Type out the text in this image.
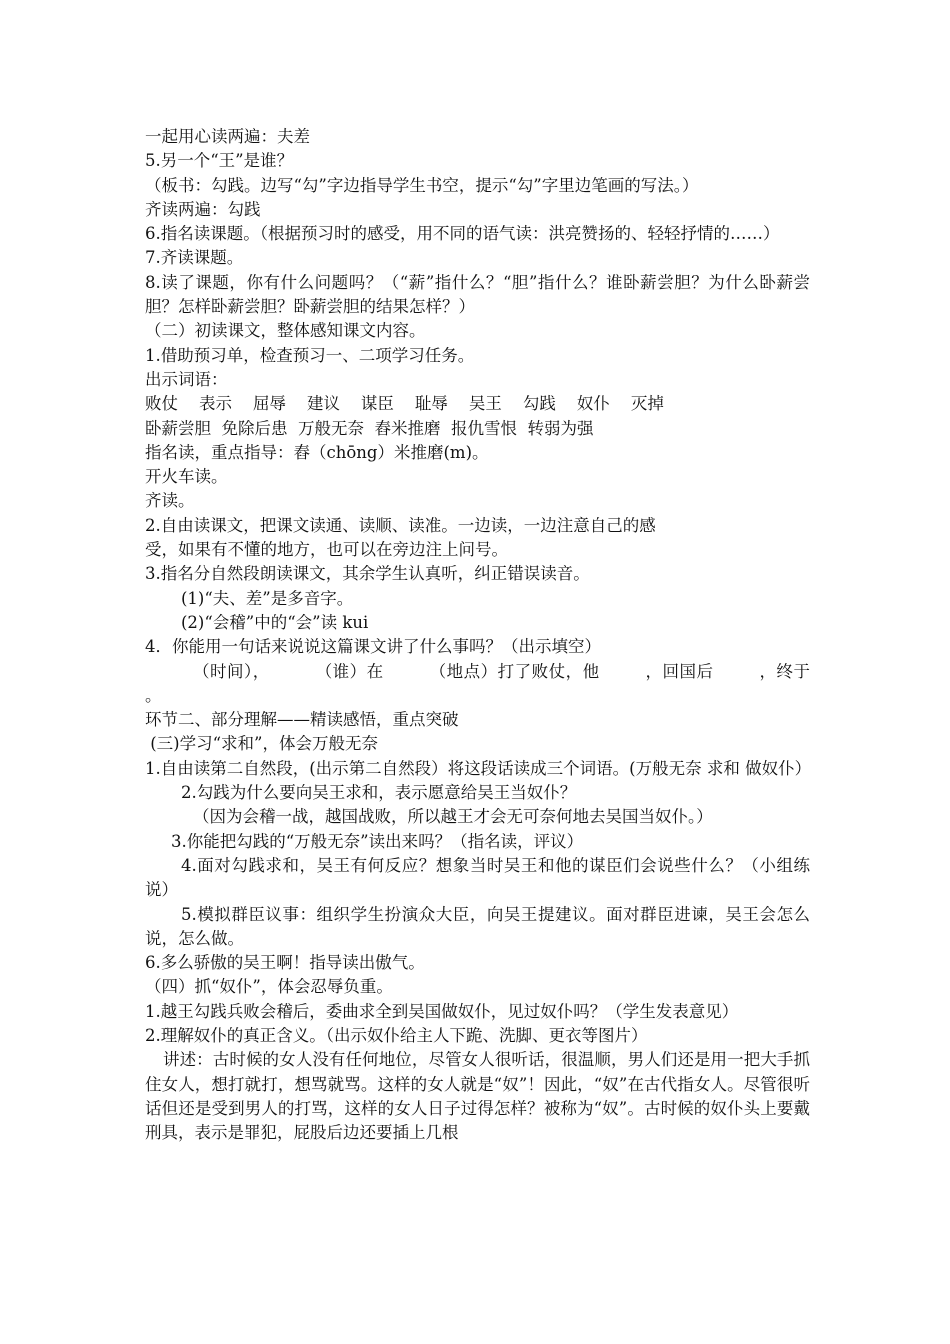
一起用心读两遍：夫差
5.另一个“王”是谁？
（板书：勾践。边写“勾”字边指导学生书空，提示“勾”字里边笔画的写法。）
齐读两遍：勾践
6.指名读课题。（根据预习时的感受，用不同的语气读：洪亮赞扬的、轻轻抒情的……）
7.齐读课题。
8.读了课题，你有什么问题吗？（“薪”指什么？“胆”指什么？谁卧薪尝胆？为什么卧薪尝胆？怎样卧薪尝胆？卧薪尝胆的结果怎样？）
（二）初读课文，整体感知课文内容。
1.借助预习单，检查预习一、二项学习任务。
出示词语：
败仗    表示    屈辱    建议    谋臣    耻辱    吴王    勾践    奴仆    灭掉
卧薪尝胆  免除后患  万般无奈  舂米推磨  报仇雪恨  转弱为强
指名读，重点指导：舂（chōng）米推磨(m)。
开火车读。
齐读。
2.自由读课文，把课文读通、读顺、读准。一边读，一边注意自己的感
受，如果有不懂的地方，也可以在旁边注上问号。
3.指名分自然段朗读课文，其余学生认真听，纠正错误读音。
(1)“夫、差”是多音字。
(2)“会稽”中的“会”读 kui
4．你能用一句话来说说这篇课文讲了什么事吗？（出示填空）
（时间），        （谁）在        （地点）打了败仗，他        ，回国后        ，终于        。
环节二、部分理解——精读感悟，重点突破
(三)学习“求和”，体会万般无奈
1.自由读第二自然段，(出示第二自然段）将这段话读成三个词语。(万般无奈 求和 做奴仆）
2.勾践为什么要向吴王求和，表示愿意给吴王当奴仆？
（因为会稽一战，越国战败，所以越王才会无可奈何地去吴国当奴仆。）
3.你能把勾践的“万般无奈”读出来吗？（指名读，评议）
4.面对勾践求和，吴王有何反应？想象当时吴王和他的谋臣们会说些什么？（小组练说）
5.模拟群臣议事：组织学生扮演众大臣，向吴王提建议。面对群臣进谏，吴王会怎么说，怎么做。
6.多么骄傲的吴王啊！指导读出傲气。
（四）抓“奴仆”，体会忍辱负重。
1.越王勾践兵败会稽后，委曲求全到吴国做奴仆，见过奴仆吗？（学生发表意见）
2.理解奴仆的真正含义。（出示奴仆给主人下跪、洗脚、更衣等图片）
讲述：古时候的女人没有任何地位，尽管女人很听话，很温顺，男人们还是用一把大手抓住女人，想打就打，想骂就骂。这样的女人就是“奴”！因此，“奴”在古代指女人。尽管很听话但还是受到男人的打骂，这样的女人日子过得怎样？被称为“奴”。古时候的奴仆头上要戴刑具，表示是罪犯，屁股后边还要插上几根
